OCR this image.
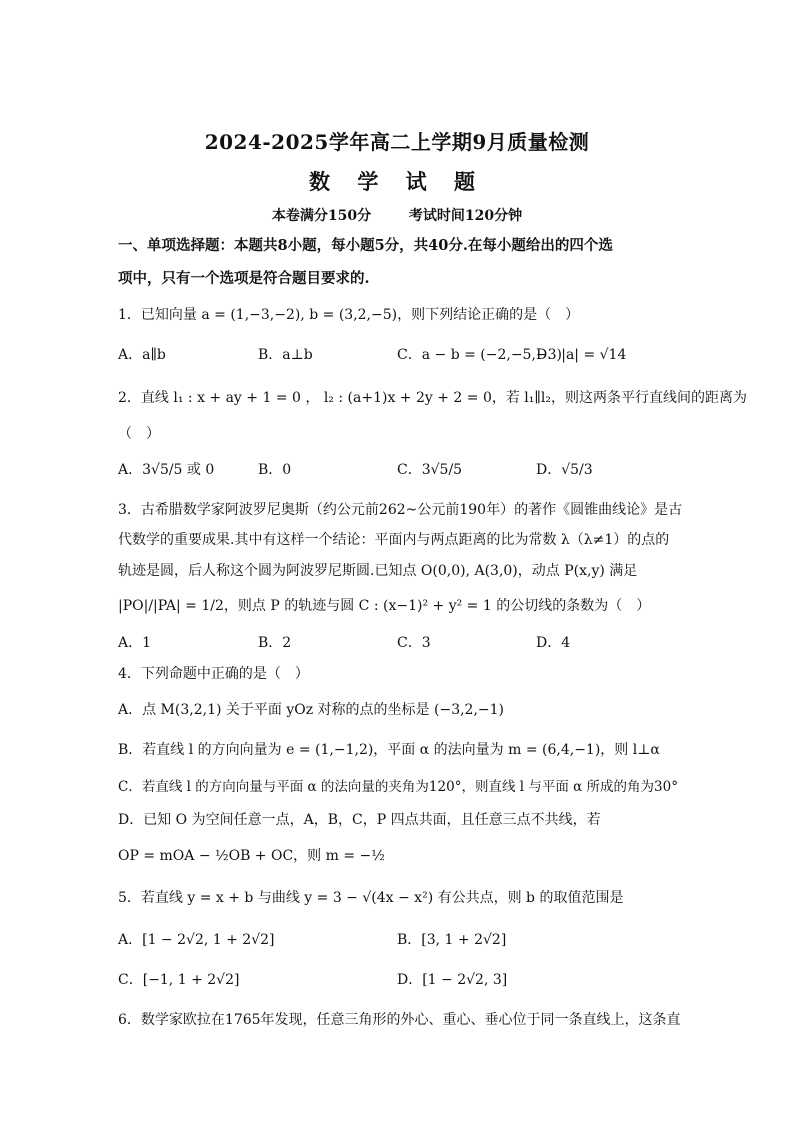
2024-2025学年高二上学期9月质量检测
数 学 试 题
本卷满分150分	考试时间120分钟
一、单项选择题：本题共8小题，每小题5分，共40分.在每小题给出的四个选
项中，只有一个选项是符合题目要求的.
1．已知向量 a = (1,−3,−2), b = (3,2,−5)，则下列结论正确的是（　）
A．a∥b	B．a⊥b	C．a − b = (−2,−5,−3)
D．|a| = √14
2．直线 l₁ : x + ay + 1 = 0 ， l₂ : (a+1)x + 2y + 2 = 0，若 l₁∥l₂，则这两条平行直线间的距离为
（　）
A．3√5/5 或 0	B．0	C．3√5/5	D．√5/3
3．古希腊数学家阿波罗尼奥斯（约公元前262~公元前190年）的著作《圆锥曲线论》是古
代数学的重要成果.其中有这样一个结论：平面内与两点距离的比为常数 λ（λ≠1）的点的
轨迹是圆，后人称这个圆为阿波罗尼斯圆.已知点 O(0,0), A(3,0)，动点 P(x,y) 满足
|PO|/|PA| = 1/2，则点 P 的轨迹与圆 C : (x−1)² + y² = 1 的公切线的条数为（　）
A．1	B．2	C．3	D．4
4．下列命题中正确的是（　）
A．点 M(3,2,1) 关于平面 yOz 对称的点的坐标是 (−3,2,−1)
B．若直线 l 的方向向量为 e = (1,−1,2)，平面 α 的法向量为 m = (6,4,−1)，则 l⊥α
C．若直线 l 的方向向量与平面 α 的法向量的夹角为120°，则直线 l 与平面 α 所成的角为30°
D．已知 O 为空间任意一点，A，B，C，P 四点共面，且任意三点不共线，若
OP = mOA − ½OB + OC，则 m = −½
5．若直线 y = x + b 与曲线 y = 3 − √(4x − x²) 有公共点，则 b 的取值范围是
A．[1 − 2√2, 1 + 2√2]	B．[3, 1 + 2√2]
C．[−1, 1 + 2√2]	D．[1 − 2√2, 3]
6．数学家欧拉在1765年发现，任意三角形的外心、重心、垂心位于同一条直线上，这条直
